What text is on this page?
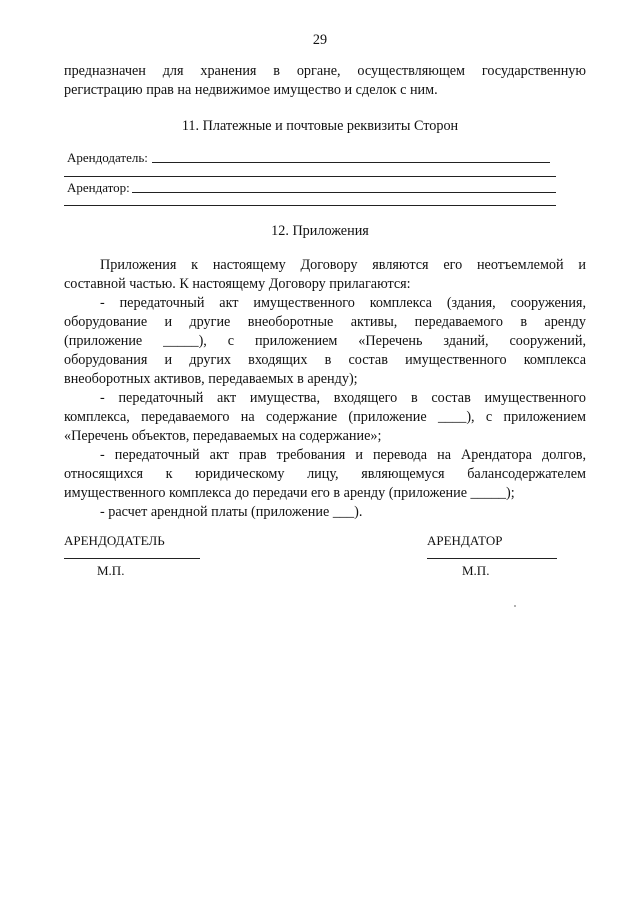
29
предназначен для хранения в органе, осуществляющем государственную
регистрацию прав на недвижимое имущество и сделок с ним.
11. Платежные и почтовые реквизиты Сторон
Арендодатель:
Арендатор:
12. Приложения
Приложения к настоящему Договору являются его неотъемлемой и
составной частью. К настоящему Договору прилагаются:
- передаточный акт имущественного комплекса (здания, сооружения,
оборудование и другие внеоборотные активы, передаваемого в аренду
(приложение _____), с приложением «Перечень зданий, сооружений,
оборудования и других входящих в состав имущественного комплекса
внеоборотных активов, передаваемых в аренду);
- передаточный акт имущества, входящего в состав имущественного
комплекса, передаваемого на содержание (приложение ____), с приложением
«Перечень объектов, передаваемых на содержание»;
- передаточный акт прав требования и перевода на Арендатора долгов,
относящихся к юридическому лицу, являющемуся балансодержателем
имущественного комплекса до передачи его в аренду (приложение _____);
- расчет арендной платы (приложение ___).
АРЕНДОДАТЕЛЬ
М.П.
АРЕНДАТОР
М.П.
